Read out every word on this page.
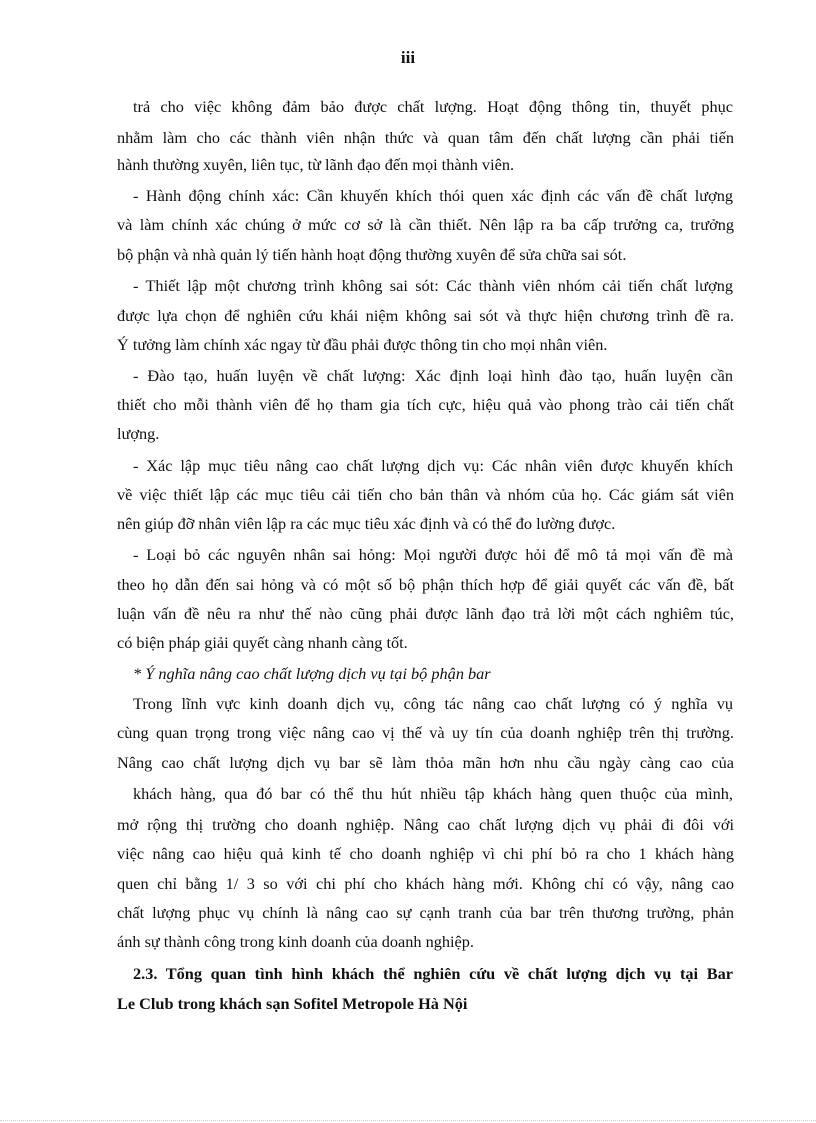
iii
trả cho việc không đảm bảo được chất lượng. Hoạt động thông tin, thuyết phục
nhằm làm cho các thành viên nhận thức và quan tâm đến chất lượng cần phải tiến
hành thường xuyên, liên tục, từ lãnh đạo đến mọi thành viên.
- Hành động chính xác: Cần khuyến khích thói quen xác định các vấn đề chất lượng
và làm chính xác chúng ở mức cơ sở là cần thiết. Nên lập ra ba cấp trưởng ca, trưởng
bộ phận và nhà quản lý tiến hành hoạt động thường xuyên để sửa chữa sai sót.
- Thiết lập một chương trình không sai sót: Các thành viên nhóm cải tiến chất lượng
được lựa chọn để nghiên cứu khái niệm không sai sót và thực hiện chương trình đề ra.
Ý tưởng làm chính xác ngay từ đầu phải được thông tin cho mọi nhân viên.
- Đào tạo, huấn luyện về chất lượng: Xác định loại hình đào tạo, huấn luyện cần
thiết cho mỗi thành viên để họ tham gia tích cực, hiệu quả vào phong trào cải tiến chất
lượng.
- Xác lập mục tiêu nâng cao chất lượng dịch vụ: Các nhân viên được khuyến khích
về việc thiết lập các mục tiêu cải tiến cho bản thân và nhóm của họ. Các giám sát viên
nên giúp đỡ nhân viên lập ra các mục tiêu xác định và có thể đo lường được.
- Loại bỏ các nguyên nhân sai hỏng: Mọi người được hỏi để mô tả mọi vấn đề mà
theo họ dẫn đến sai hỏng và có một số bộ phận thích hợp để giải quyết các vấn đề, bất
luận vấn đề nêu ra như thế nào cũng phải được lãnh đạo trả lời một cách nghiêm túc,
có biện pháp giải quyết càng nhanh càng tốt.
* Ý nghĩa nâng cao chất lượng dịch vụ tại bộ phận bar
Trong lĩnh vực kinh doanh dịch vụ, công tác nâng cao chất lượng có ý nghĩa vụ
cùng quan trọng trong việc nâng cao vị thế và uy tín của doanh nghiệp trên thị trường.
Nâng cao chất lượng dịch vụ bar sẽ làm thỏa mãn hơn nhu cầu ngày càng cao của
khách hàng, qua đó bar có thể thu hút nhiều tập khách hàng quen thuộc của mình,
mở rộng thị trường cho doanh nghiệp. Nâng cao chất lượng dịch vụ phải đi đôi với
việc nâng cao hiệu quả kinh tế cho doanh nghiệp vì chi phí bỏ ra cho 1 khách hàng
quen chỉ bằng 1/ 3 so với chi phí cho khách hàng mới. Không chỉ có vậy, nâng cao
chất lượng phục vụ chính là nâng cao sự cạnh tranh của bar trên thương trường, phản
ánh sự thành công trong kinh doanh của doanh nghiệp.
2.3. Tổng quan tình hình khách thể nghiên cứu về chất lượng dịch vụ tại Bar
Le Club trong khách sạn Sofitel Metropole Hà Nội
